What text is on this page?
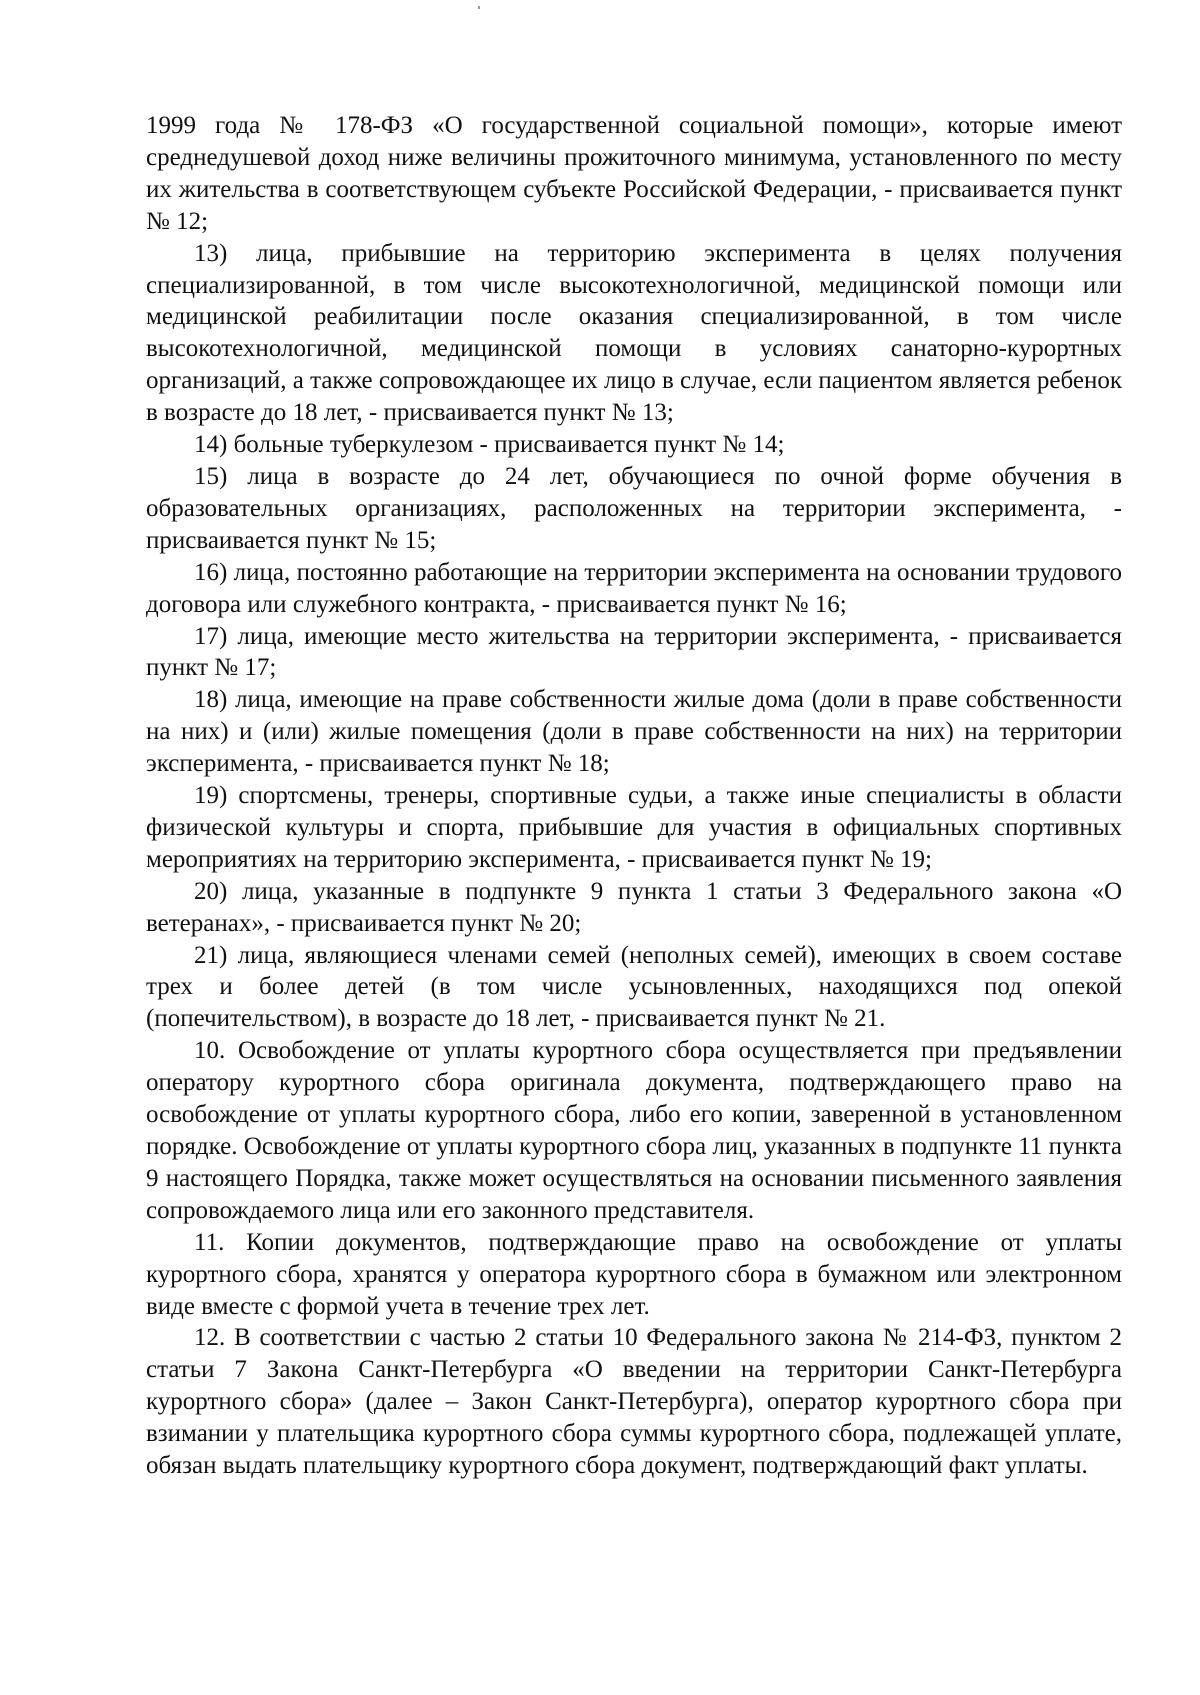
1999 года № 178-ФЗ «О государственной социальной помощи», которые имеют среднедушевой доход ниже величины прожиточного минимума, установленного по месту их жительства в соответствующем субъекте Российской Федерации, - присваивается пункт № 12;

13) лица, прибывшие на территорию эксперимента в целях получения специализированной, в том числе высокотехнологичной, медицинской помощи или медицинской реабилитации после оказания специализированной, в том числе высокотехнологичной, медицинской помощи в условиях санаторно-курортных организаций, а также сопровождающее их лицо в случае, если пациентом является ребенок в возрасте до 18 лет, - присваивается пункт № 13;

14) больные туберкулезом - присваивается пункт № 14;

15) лица в возрасте до 24 лет, обучающиеся по очной форме обучения в образовательных организациях, расположенных на территории эксперимента, - присваивается пункт № 15;

16) лица, постоянно работающие на территории эксперимента на основании трудового договора или служебного контракта, - присваивается пункт № 16;

17) лица, имеющие место жительства на территории эксперимента, - присваивается пункт № 17;

18) лица, имеющие на праве собственности жилые дома (доли в праве собственности на них) и (или) жилые помещения (доли в праве собственности на них) на территории эксперимента, - присваивается пункт № 18;

19) спортсмены, тренеры, спортивные судьи, а также иные специалисты в области физической культуры и спорта, прибывшие для участия в официальных спортивных мероприятиях на территорию эксперимента, - присваивается пункт № 19;

20) лица, указанные в подпункте 9 пункта 1 статьи 3 Федерального закона «О ветеранах», - присваивается пункт № 20;

21) лица, являющиеся членами семей (неполных семей), имеющих в своем составе трех и более детей (в том числе усыновленных, находящихся под опекой (попечительством), в возрасте до 18 лет, - присваивается пункт № 21.

10. Освобождение от уплаты курортного сбора осуществляется при предъявлении оператору курортного сбора оригинала документа, подтверждающего право на освобождение от уплаты курортного сбора, либо его копии, заверенной в установленном порядке. Освобождение от уплаты курортного сбора лиц, указанных в подпункте 11 пункта 9 настоящего Порядка, также может осуществляться на основании письменного заявления сопровождаемого лица или его законного представителя.

11. Копии документов, подтверждающие право на освобождение от уплаты курортного сбора, хранятся у оператора курортного сбора в бумажном или электронном виде вместе с формой учета в течение трех лет.

12. В соответствии с частью 2 статьи 10 Федерального закона № 214-ФЗ, пунктом 2 статьи 7 Закона Санкт-Петербурга «О введении на территории Санкт-Петербурга курортного сбора» (далее – Закон Санкт-Петербурга), оператор курортного сбора при взимании у плательщика курортного сбора суммы курортного сбора, подлежащей уплате, обязан выдать плательщику курортного сбора документ, подтверждающий факт уплаты.
